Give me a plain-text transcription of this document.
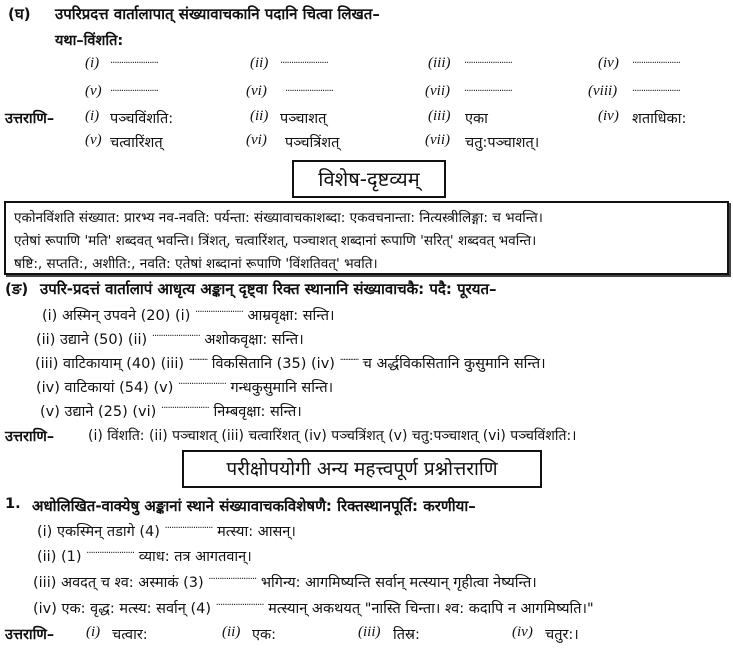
(घ) उपरिप्रदत्त वार्तालापात् संख्यावाचकानि पदानि चित्वा लिखत–
यथा–विंशति:
(i) ······················	(ii) ······················	(iii) ······················	(iv) ······················
(v) ······················	(vi) ······················	(vii) ······················	(viii) ······················
उत्तराणि– (i) पञ्चविंशति:	(ii) पञ्चाशत्	(iii) एका	(iv) शताधिका:
(v) चत्वारिंशत्	(vi) पञ्चत्रिंशत्	(vii) चतु:पञ्चाशत्।
विशेष-दृष्टव्यम्
एकोनविंशति संख्यात: प्रारभ्य नव-नवति: पर्यन्ता: संख्यावाचकाशब्दा: एकवचनान्ता: नित्यस्त्रीलिङ्गा: च भवन्ति।
एतेषां रूपाणि 'मति' शब्दवत् भवन्ति। त्रिंशत्, चत्वारिंशत्, पञ्चाशत् शब्दानां रूपाणि 'सरित्' शब्दवत् भवन्ति।
षष्टि:, सप्तति:, अशीति:, नवति: एतेषां शब्दानां रूपाणि 'विंशतिवत्' भवति।
(ङ) उपरि-प्रदत्तं वार्तालापं आधृत्य अङ्कान् दृष्ट्वा रिक्त स्थानानि संख्यावाचकै: पदै: पूरयत–
(i) अस्मिन् उपवने (20) (i) ······················ आम्रवृक्षा: सन्ति।
(ii) उद्याने (50) (ii) ······················ अशोकवृक्षा: सन्ति।
(iii) वाटिकायाम् (40) (iii) ··········· विकसितानि (35) (iv) ··········· च अर्द्धविकसितानि कुसुमानि सन्ति।
(iv) वाटिकायां (54) (v) ······················ गन्धकुसुमानि सन्ति।
(v) उद्याने (25) (vi) ······················ निम्बवृक्षा: सन्ति।
उत्तराणि– (i) विंशति: (ii) पञ्चाशत् (iii) चत्वारिंशत् (iv) पञ्चत्रिंशत् (v) चतु:पञ्चाशत् (vi) पञ्चविंशति:।
परीक्षोपयोगी अन्य महत्त्वपूर्ण प्रश्नोत्तराणि
1. अधोलिखित-वाक्येषु अङ्कानां स्थाने संख्यावाचकविशेषणै: रिक्तस्थानपूर्ति: करणीया–
(i) एकस्मिन् तडागे (4) ······················ मत्स्या: आसन्।
(ii) (1) ······················ व्याध: तत्र आगतवान्।
(iii) अवदत् च श्व: अस्माकं (3) ······················ भगिन्य: आगमिष्यन्ति सर्वान् मत्स्यान् गृहीत्वा नेष्यन्ति।
(iv) एक: वृद्ध: मत्स्य: सर्वान् (4) ······················ मत्स्यान् अकथयत् "नास्ति चिन्ता। श्व: कदापि न आगमिष्यति।"
उत्तराणि– (i) चत्वार:	(ii) एक:	(iii) तिस्र:	(iv) चतुर:।
